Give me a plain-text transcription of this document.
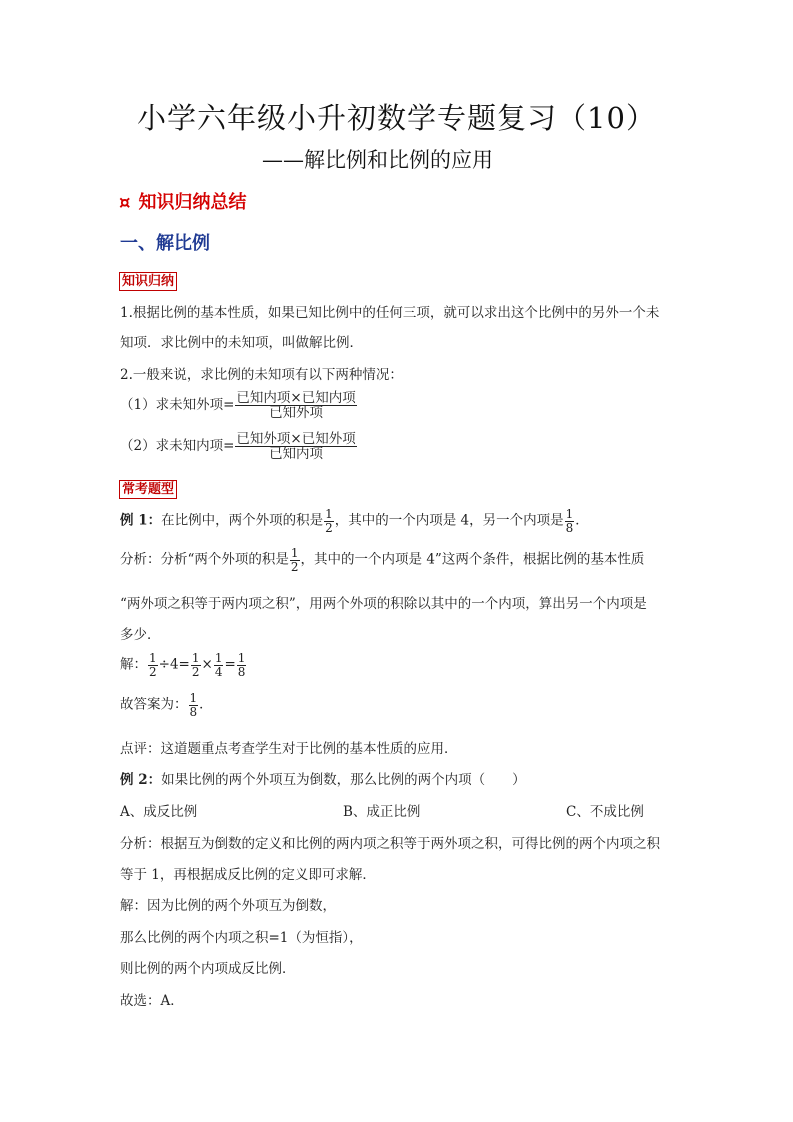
小学六年级小升初数学专题复习（10）
——解比例和比例的应用
¤ 知识归纳总结
一、解比例
知识归纳
1.根据比例的基本性质，如果已知比例中的任何三项，就可以求出这个比例中的另外一个未
知项．求比例中的未知项，叫做解比例．
2.一般来说，求比例的未知项有以下两种情况：
（1）求未知外项= $\frac{\text{已知内项×已知内项}}{\text{已知外项}}$
（2）求未知内项= $\frac{\text{已知外项×已知外项}}{\text{已知内项}}$
常考题型
例 1：在比例中，两个外项的积是 $\frac{1}{2}$ ，其中的一个内项是 4，另一个内项是 $\frac{1}{8}$ ．
分析：分析“两个外项的积是 $\frac{1}{2}$ ，其中的一个内项是 4”这两个条件，根据比例的基本性质
“两外项之积等于两内项之积”，用两个外项的积除以其中的一个内项，算出另一个内项是
多少．
解： $\frac{1}{2} \div 4= \frac{1}{2} \times \frac{1}{4} = \frac{1}{8}$
故答案为： $\frac{1}{8}$ ．
点评：这道题重点考查学生对于比例的基本性质的应用．
例 2：如果比例的两个外项互为倒数，那么比例的两个内项（　　）
A、成反比例	B、成正比例	C、不成比例
分析：根据互为倒数的定义和比例的两内项之积等于两外项之积，可得比例的两个内项之积
等于 1，再根据成反比例的定义即可求解．
解：因为比例的两个外项互为倒数，
那么比例的两个内项之积=1（为恒指），
则比例的两个内项成反比例．
故选：A．
